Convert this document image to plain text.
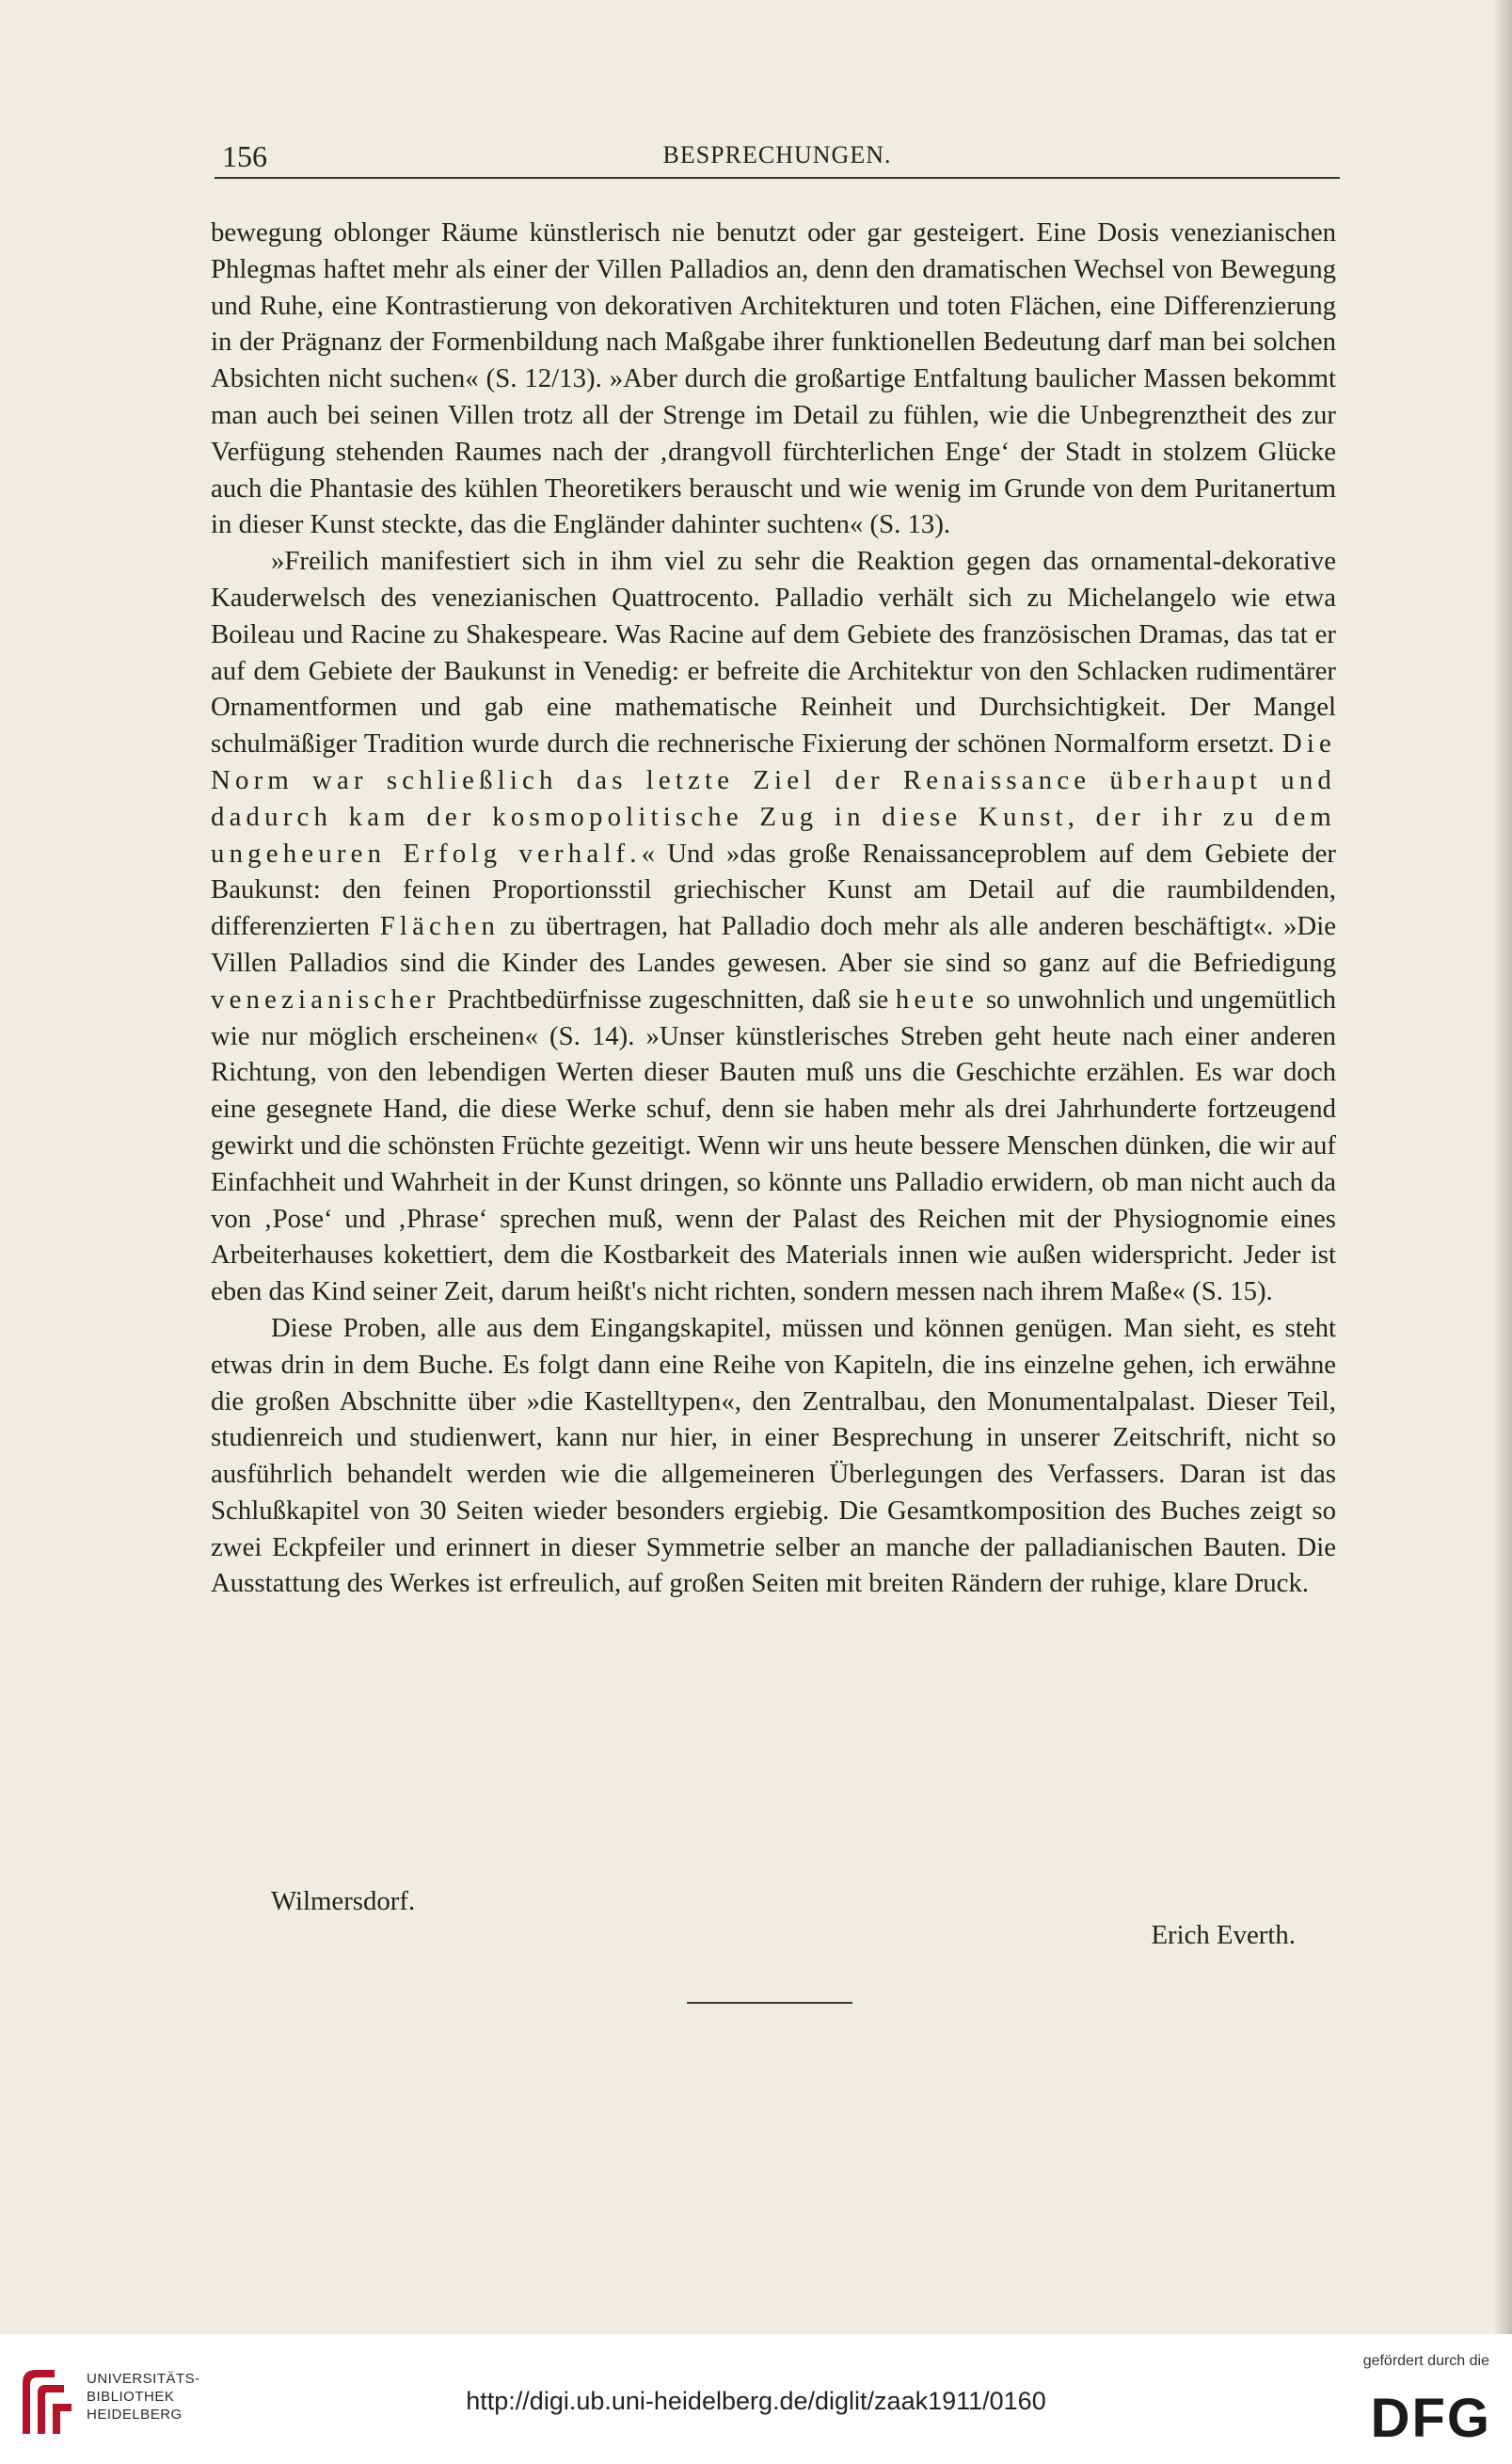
156	BESPRECHUNGEN.

bewegung oblonger Räume künstlerisch nie benutzt oder gar gesteigert. Eine Dosis venezianischen Phlegmas haftet mehr als einer der Villen Palladios an, denn den dramatischen Wechsel von Bewegung und Ruhe, eine Kontrastierung von dekorativen Architekturen und toten Flächen, eine Differenzierung in der Prägnanz der Formenbildung nach Maßgabe ihrer funktionellen Bedeutung darf man bei solchen Absichten nicht suchen« (S. 12/13). »Aber durch die großartige Entfaltung baulicher Massen bekommt man auch bei seinen Villen trotz all der Strenge im Detail zu fühlen, wie die Unbegrenztheit des zur Verfügung stehenden Raumes nach der ‚drangvoll fürchterlichen Enge‘ der Stadt in stolzem Glücke auch die Phantasie des kühlen Theoretikers berauscht und wie wenig im Grunde von dem Puritanertum in dieser Kunst steckte, das die Engländer dahinter suchten« (S. 13).

»Freilich manifestiert sich in ihm viel zu sehr die Reaktion gegen das ornamental-dekorative Kauderwelsch des venezianischen Quattrocento. Palladio verhält sich zu Michelangelo wie etwa Boileau und Racine zu Shakespeare. Was Racine auf dem Gebiete des französischen Dramas, das tat er auf dem Gebiete der Baukunst in Venedig: er befreite die Architektur von den Schlacken rudimentärer Ornamentformen und gab eine mathematische Reinheit und Durchsichtigkeit. Der Mangel schulmäßiger Tradition wurde durch die rechnerische Fixierung der schönen Normalform ersetzt. Die Norm war schließlich das letzte Ziel der Renaissance überhaupt und dadurch kam der kosmopolitische Zug in diese Kunst, der ihr zu dem ungeheuren Erfolg verhalf.« Und »das große Renaissanceproblem auf dem Gebiete der Baukunst: den feinen Proportionsstil griechischer Kunst am Detail auf die raumbildenden, differenzierten Flächen zu übertragen, hat Palladio doch mehr als alle anderen beschäftigt«. »Die Villen Palladios sind die Kinder des Landes gewesen. Aber sie sind so ganz auf die Befriedigung venezianischer Prachtbedürfnisse zugeschnitten, daß sie heute so unwohnlich und ungemütlich wie nur möglich erscheinen« (S. 14). »Unser künstlerisches Streben geht heute nach einer anderen Richtung, von den lebendigen Werten dieser Bauten muß uns die Geschichte erzählen. Es war doch eine gesegnete Hand, die diese Werke schuf, denn sie haben mehr als drei Jahrhunderte fortzeugend gewirkt und die schönsten Früchte gezeitigt. Wenn wir uns heute bessere Menschen dünken, die wir auf Einfachheit und Wahrheit in der Kunst dringen, so könnte uns Palladio erwidern, ob man nicht auch da von ‚Pose‘ und ‚Phrase‘ sprechen muß, wenn der Palast des Reichen mit der Physiognomie eines Arbeiterhauses kokettiert, dem die Kostbarkeit des Materials innen wie außen widerspricht. Jeder ist eben das Kind seiner Zeit, darum heißt's nicht richten, sondern messen nach ihrem Maße« (S. 15).

Diese Proben, alle aus dem Eingangskapitel, müssen und können genügen. Man sieht, es steht etwas drin in dem Buche. Es folgt dann eine Reihe von Kapiteln, die ins einzelne gehen, ich erwähne die großen Abschnitte über »die Kastelltypen«, den Zentralbau, den Monumentalpalast. Dieser Teil, studienreich und studienwert, kann nur hier, in einer Besprechung in unserer Zeitschrift, nicht so ausführlich behandelt werden wie die allgemeineren Überlegungen des Verfassers. Daran ist das Schlußkapitel von 30 Seiten wieder besonders ergiebig. Die Gesamtkomposition des Buches zeigt so zwei Eckpfeiler und erinnert in dieser Symmetrie selber an manche der palladianischen Bauten. Die Ausstattung des Werkes ist erfreulich, auf großen Seiten mit breiten Rändern der ruhige, klare Druck.

Wilmersdorf.
Erich Everth.
UNIVERSITÄTS-
BIBLIOTHEK
HEIDELBERG	http://digi.ub.uni-heidelberg.de/diglit/zaak1911/0160
gefördert durch die
DFG
